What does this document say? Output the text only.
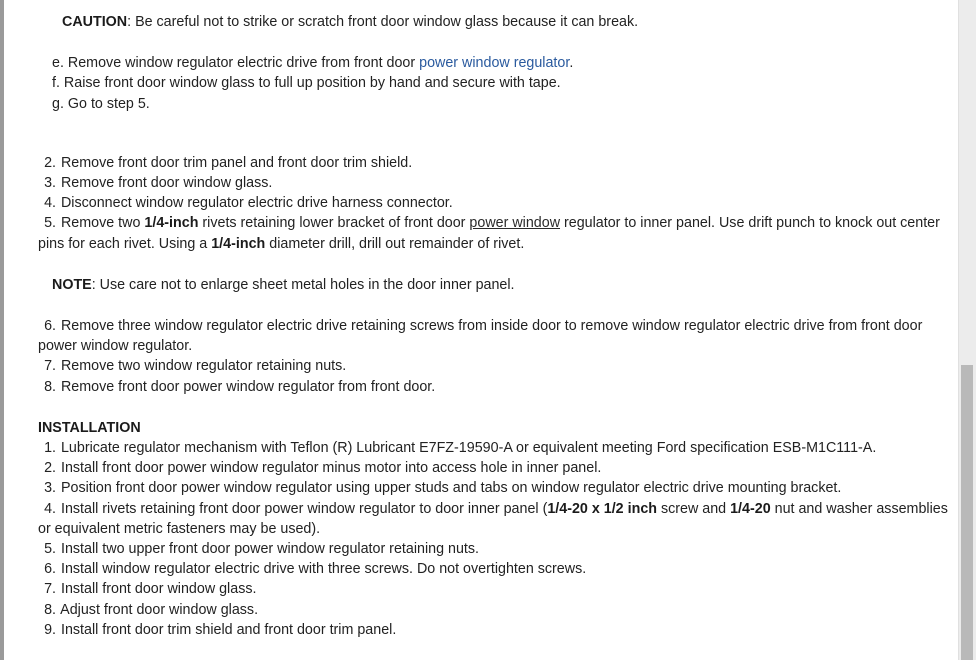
CAUTION: Be careful not to strike or scratch front door window glass because it can break.

e. Remove window regulator electric drive from front door power window regulator.
f. Raise front door window glass to full up position by hand and secure with tape.
g. Go to step 5.
2. Remove front door trim panel and front door trim shield.
3. Remove front door window glass.
4. Disconnect window regulator electric drive harness connector.
5. Remove two 1/4-inch rivets retaining lower bracket of front door power window regulator to inner panel. Use drift punch to knock out center pins for each rivet. Using a 1/4-inch diameter drill, drill out remainder of rivet.
NOTE: Use care not to enlarge sheet metal holes in the door inner panel.
6. Remove three window regulator electric drive retaining screws from inside door to remove window regulator electric drive from front door power window regulator.
7. Remove two window regulator retaining nuts.
8. Remove front door power window regulator from front door.
INSTALLATION
1. Lubricate regulator mechanism with Teflon (R) Lubricant E7FZ-19590-A or equivalent meeting Ford specification ESB-M1C111-A.
2. Install front door power window regulator minus motor into access hole in inner panel.
3. Position front door power window regulator using upper studs and tabs on window regulator electric drive mounting bracket.
4. Install rivets retaining front door power window regulator to door inner panel (1/4-20 x 1/2 inch screw and 1/4-20 nut and washer assemblies or equivalent metric fasteners may be used).
5. Install two upper front door power window regulator retaining nuts.
6. Install window regulator electric drive with three screws. Do not overtighten screws.
7. Install front door window glass.
8. Adjust front door window glass.
9. Install front door trim shield and front door trim panel.
